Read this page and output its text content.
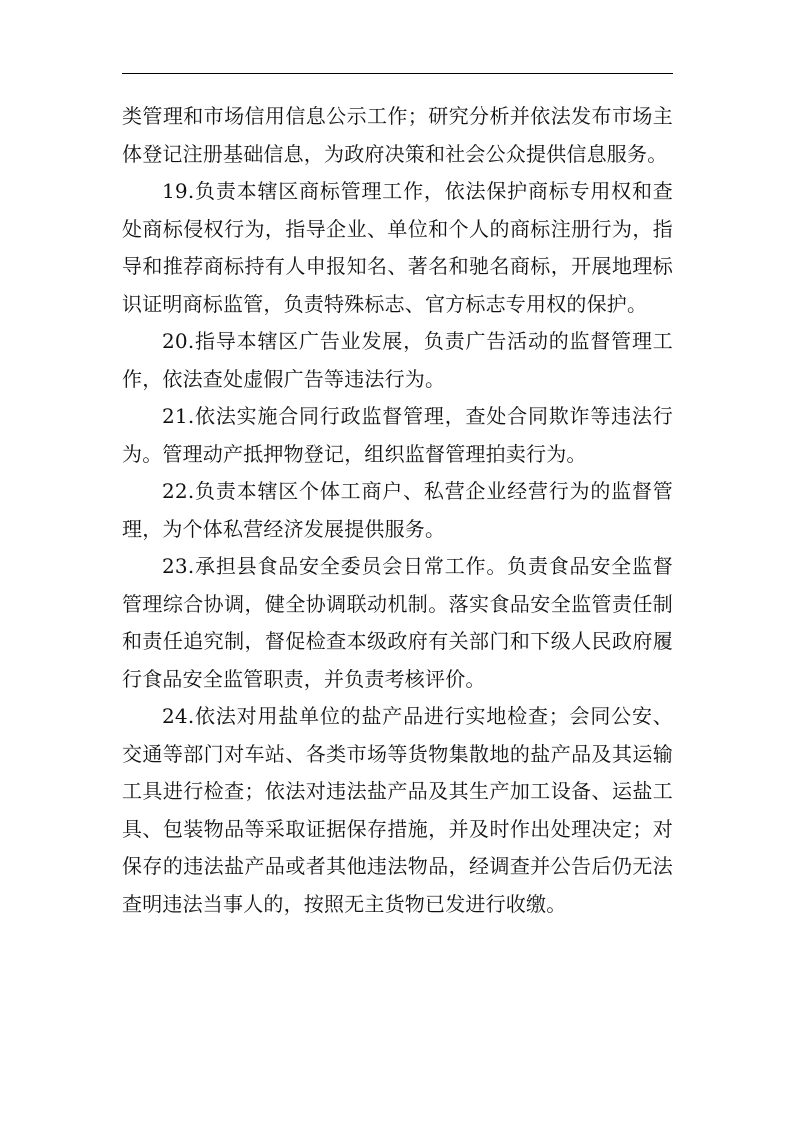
类管理和市场信用信息公示工作；研究分析并依法发布市场主体登记注册基础信息，为政府决策和社会公众提供信息服务。

19.负责本辖区商标管理工作，依法保护商标专用权和查处商标侵权行为，指导企业、单位和个人的商标注册行为，指导和推荐商标持有人申报知名、著名和驰名商标，开展地理标识证明商标监管，负责特殊标志、官方标志专用权的保护。

20.指导本辖区广告业发展，负责广告活动的监督管理工作，依法查处虚假广告等违法行为。

21.依法实施合同行政监督管理，查处合同欺诈等违法行为。管理动产抵押物登记，组织监督管理拍卖行为。

22.负责本辖区个体工商户、私营企业经营行为的监督管理，为个体私营经济发展提供服务。

23.承担县食品安全委员会日常工作。负责食品安全监督管理综合协调，健全协调联动机制。落实食品安全监管责任制和责任追究制，督促检查本级政府有关部门和下级人民政府履行食品安全监管职责，并负责考核评价。

24.依法对用盐单位的盐产品进行实地检查；会同公安、交通等部门对车站、各类市场等货物集散地的盐产品及其运输工具进行检查；依法对违法盐产品及其生产加工设备、运盐工具、包装物品等采取证据保存措施，并及时作出处理决定；对保存的违法盐产品或者其他违法物品，经调查并公告后仍无法查明违法当事人的，按照无主货物已发进行收缴。
